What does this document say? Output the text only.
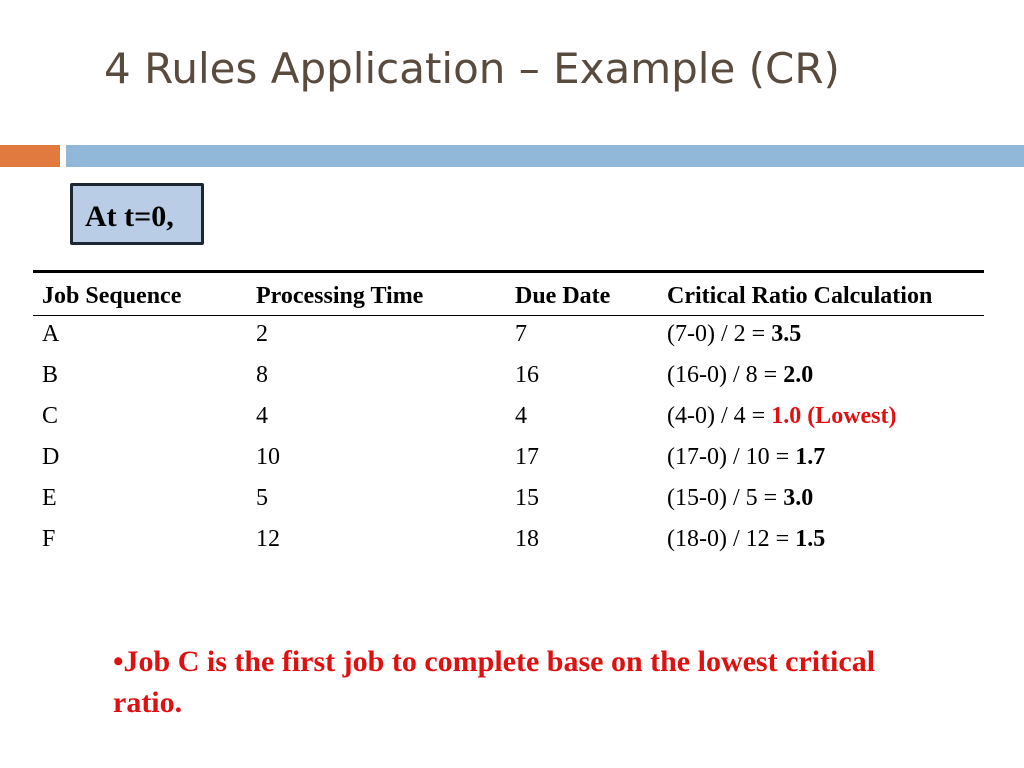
4 Rules Application – Example (CR)
At t=0,
Job Sequence	Processing Time	Due Date	Critical Ratio Calculation
A	2	7	(7-0) / 2 = 3.5
B	8	16	(16-0) / 8 = 2.0
C	4	4	(4-0) / 4 = 1.0 (Lowest)
D	10	17	(17-0) / 10 = 1.7
E	5	15	(15-0) / 5 = 3.0
F	12	18	(18-0) / 12 = 1.5
•Job C is the first job to complete base on the lowest critical ratio.
